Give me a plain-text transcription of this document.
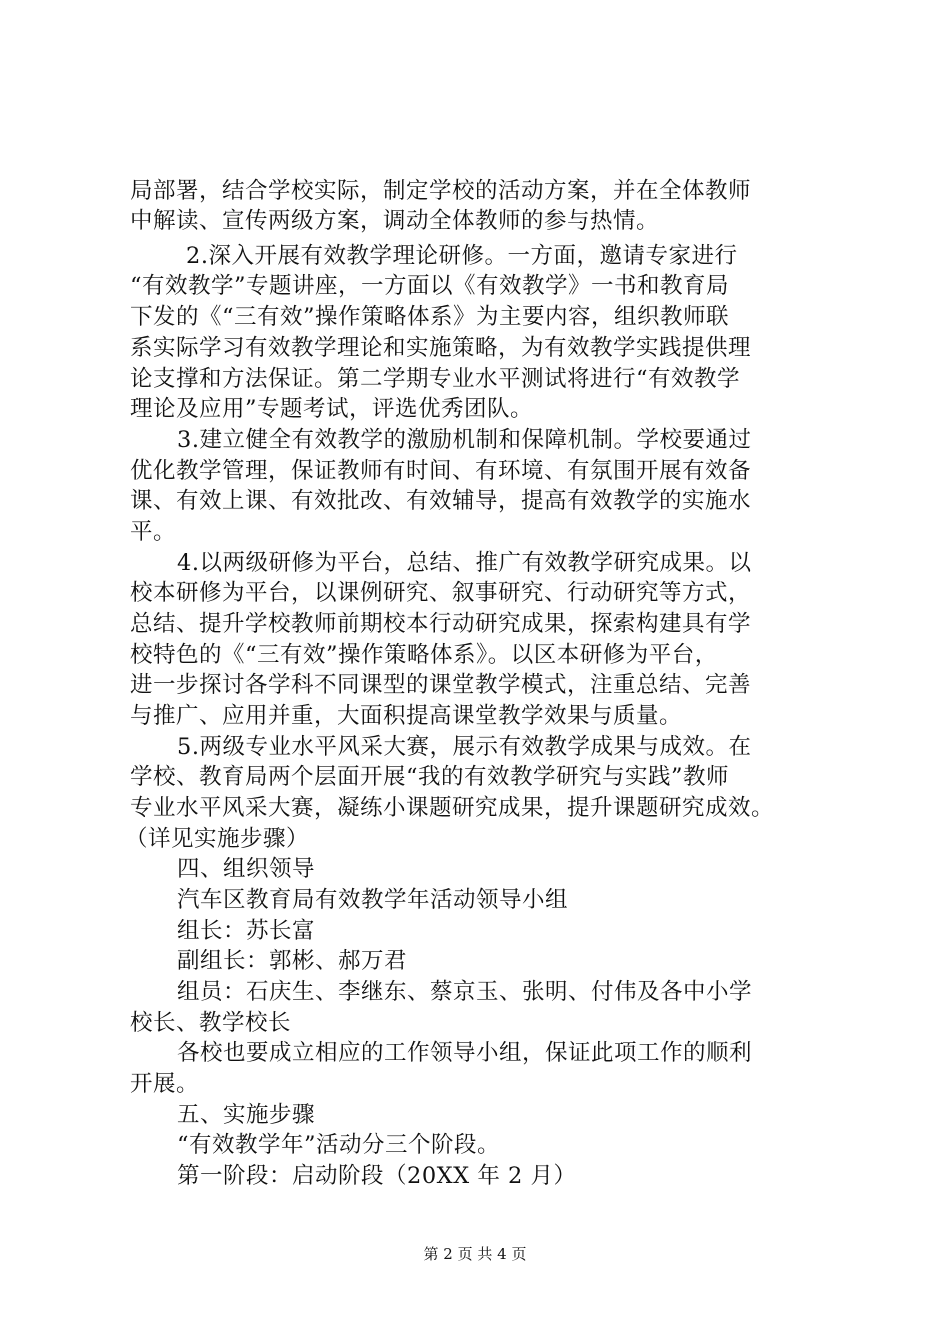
局部署，结合学校实际，制定学校的活动方案，并在全体教师
中解读、宣传两级方案，调动全体教师的参与热情。
2.深入开展有效教学理论研修。一方面，邀请专家进行
“有效教学”专题讲座，一方面以《有效教学》一书和教育局
下发的《“三有效”操作策略体系》为主要内容，组织教师联
系实际学习有效教学理论和实施策略，为有效教学实践提供理
论支撑和方法保证。第二学期专业水平测试将进行“有效教学
理论及应用”专题考试，评选优秀团队。
3.建立健全有效教学的激励机制和保障机制。学校要通过
优化教学管理，保证教师有时间、有环境、有氛围开展有效备
课、有效上课、有效批改、有效辅导，提高有效教学的实施水
平。
4.以两级研修为平台，总结、推广有效教学研究成果。以
校本研修为平台，以课例研究、叙事研究、行动研究等方式，
总结、提升学校教师前期校本行动研究成果，探索构建具有学
校特色的《“三有效”操作策略体系》。以区本研修为平台，
进一步探讨各学科不同课型的课堂教学模式，注重总结、完善
与推广、应用并重，大面积提高课堂教学效果与质量。
5.两级专业水平风采大赛，展示有效教学成果与成效。在
学校、教育局两个层面开展“我的有效教学研究与实践”教师
专业水平风采大赛，凝练小课题研究成果，提升课题研究成效。
（详见实施步骤）
四、组织领导
汽车区教育局有效教学年活动领导小组
组长：苏长富
副组长：郭彬、郝万君
组员：石庆生、李继东、蔡京玉、张明、付伟及各中小学
校长、教学校长
各校也要成立相应的工作领导小组，保证此项工作的顺利
开展。
五、实施步骤
“有效教学年”活动分三个阶段。
第一阶段：启动阶段（20XX 年 2 月）
第 2 页 共 4 页
